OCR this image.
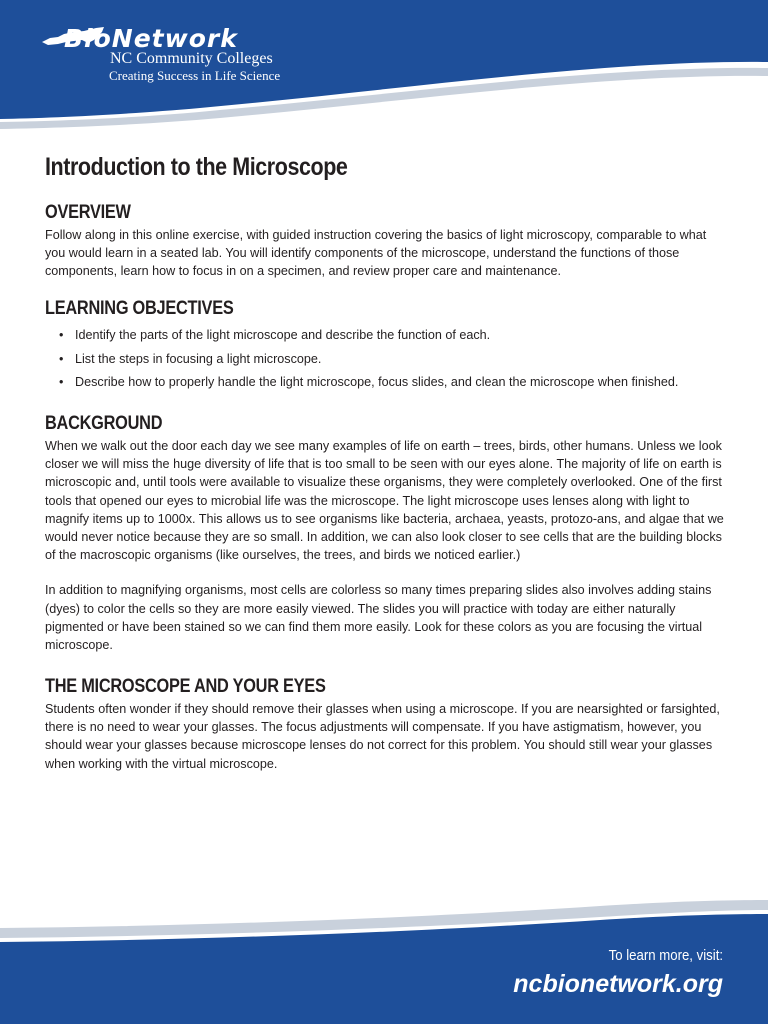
BioNetwork
NC Community Colleges
Creating Success in Life Science
Introduction to the Microscope
OVERVIEW

Follow along in this online exercise, with guided instruction covering the basics of light microscopy, comparable to what you would learn in a seated lab. You will identify components of the microscope, understand the functions of those components, learn how to focus in on a specimen, and review proper care and maintenance.

LEARNING OBJECTIVES
• Identify the parts of the light microscope and describe the function of each.
• List the steps in focusing a light microscope.
• Describe how to properly handle the light microscope, focus slides, and clean the microscope when finished.
BACKGROUND

When we walk out the door each day we see many examples of life on earth – trees, birds, other humans. Unless we look closer we will miss the huge diversity of life that is too small to be seen with our eyes alone. The majority of life on earth is microscopic and, until tools were available to visualize these organisms, they were completely overlooked. One of the first tools that opened our eyes to microbial life was the microscope. The light microscope uses lenses along with light to magnify items up to 1000x. This allows us to see organisms like bacteria, archaea, yeasts, protozo-ans, and algae that we would never notice because they are so small. In addition, we can also look closer to see cells that are the building blocks of the macroscopic organisms (like ourselves, the trees, and birds we noticed earlier.)

In addition to magnifying organisms, most cells are colorless so many times preparing slides also involves adding stains (dyes) to color the cells so they are more easily viewed. The slides you will practice with today are either naturally pigmented or have been stained so we can find them more easily. Look for these colors as you are focusing the virtual microscope.

THE MICROSCOPE AND YOUR EYES

Students often wonder if they should remove their glasses when using a microscope. If you are nearsighted or farsighted, there is no need to wear your glasses. The focus adjustments will compensate. If you have astigmatism, however, you should wear your glasses because microscope lenses do not correct for this problem. You should still wear your glasses when working with the virtual microscope.

To learn more, visit:
ncbionetwork.org
